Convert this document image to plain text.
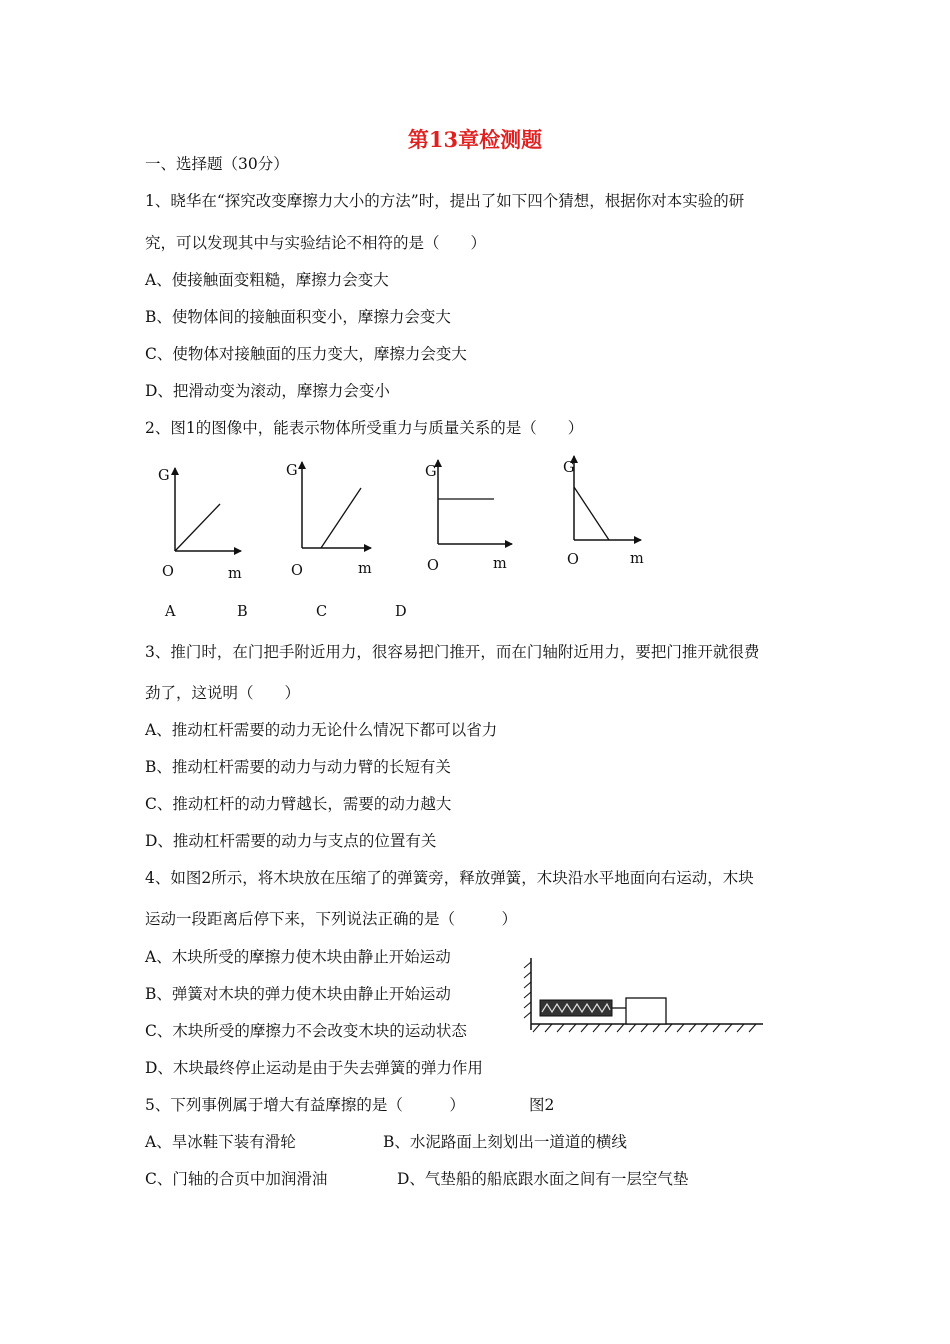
第13章检测题
一、选择题（30分）
1、晓华在“探究改变摩擦力大小的方法”时，提出了如下四个猜想，根据你对本实验的研
究，可以发现其中与实验结论不相符的是（　　）
A、使接触面变粗糙，摩擦力会变大
B、使物体间的接触面积变小，摩擦力会变大
C、使物体对接触面的压力变大，摩擦力会变大
D、把滑动变为滚动，摩擦力会变小
2、图1的图像中，能表示物体所受重力与质量关系的是（　　）
G
O	m
G
O	m
G
O	m
G
O	m
A	B	C	D
3、推门时，在门把手附近用力，很容易把门推开，而在门轴附近用力，要把门推开就很费
劲了，这说明（　　）
A、推动杠杆需要的动力无论什么情况下都可以省力
B、推动杠杆需要的动力与动力臂的长短有关
C、推动杠杆的动力臂越长，需要的动力越大
D、推动杠杆需要的动力与支点的位置有关
4、如图2所示，将木块放在压缩了的弹簧旁，释放弹簧，木块沿水平地面向右运动，木块
运动一段距离后停下来，下列说法正确的是（　　　）
A、木块所受的摩擦力使木块由静止开始运动
B、弹簧对木块的弹力使木块由静止开始运动
C、木块所受的摩擦力不会改变木块的运动状态
D、木块最终停止运动是由于失去弹簧的弹力作用
5、下列事例属于增大有益摩擦的是（　　　）	图2
A、旱冰鞋下装有滑轮	B、水泥路面上刻划出一道道的横线
C、门轴的合页中加润滑油	D、气垫船的船底跟水面之间有一层空气垫
